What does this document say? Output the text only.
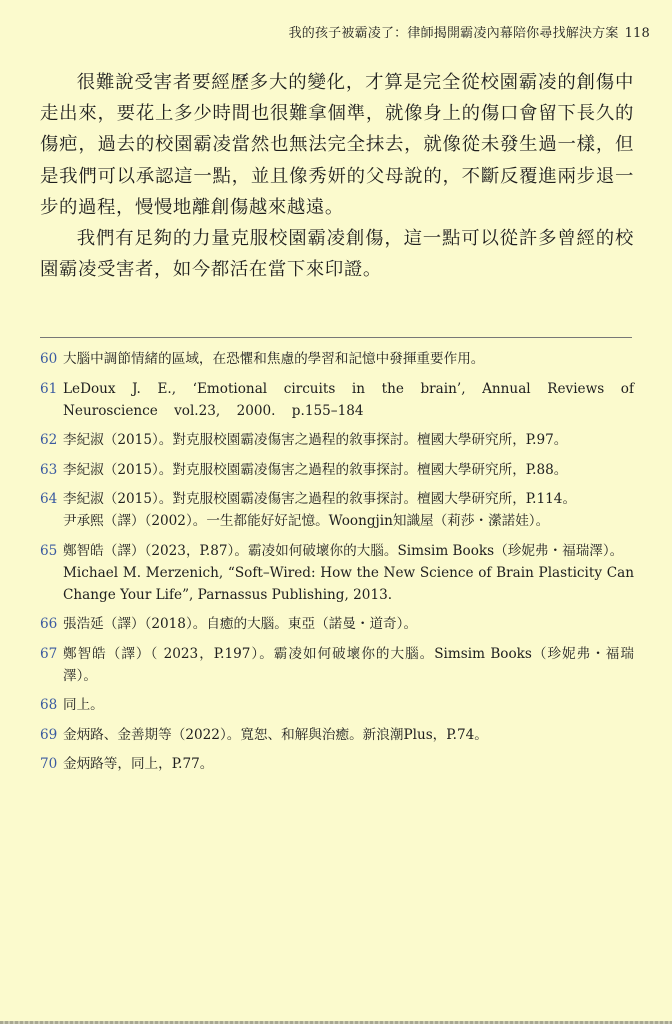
我的孩子被霸凌了：律師揭開霸凌內幕陪你尋找解決方案 118

很難說受害者要經歷多大的變化，才算是完全從校園霸凌的創傷中走出來，要花上多少時間也很難拿個準，就像身上的傷口會留下長久的傷疤，過去的校園霸凌當然也無法完全抹去，就像從未發生過一樣，但是我們可以承認這一點，並且像秀妍的父母說的，不斷反覆進兩步退一步的過程，慢慢地離創傷越來越遠。

我們有足夠的力量克服校園霸凌創傷，這一點可以從許多曾經的校園霸凌受害者，如今都活在當下來印證。

60 大腦中調節情緒的區域，在恐懼和焦慮的學習和記憶中發揮重要作用。
61 LeDoux J. E., ‘Emotional circuits in the brain’, Annual Reviews of Neuroscience vol.23, 2000. p.155–184
62 李紀淑（2015）。對克服校園霸凌傷害之過程的敘事探討。檀國大學研究所，P.97。
63 李紀淑（2015）。對克服校園霸凌傷害之過程的敘事探討。檀國大學研究所，P.88。
64 李紀淑（2015）。對克服校園霸凌傷害之過程的敘事探討。檀國大學研究所，P.114。
尹承熙（譯）（2002）。一生都能好好記憶。Woongjin知識屋（莉莎・瀠諾娃）。
65 鄭智皓（譯）（2023，P.87）。霸凌如何破壞你的大腦。Simsim Books（珍妮弗・福瑞澤）。
Michael M. Merzenich, “Soft–Wired: How the New Science of Brain Plasticity Can Change Your Life”, Parnassus Publishing, 2013.
66 張浩延（譯）（2018）。自癒的大腦。東亞（諾曼・道奇）。
67 鄭智皓（譯）（ 2023，P.197）。霸凌如何破壞你的大腦。Simsim Books（珍妮弗・福瑞澤）。
68 同上。
69 金炳路、金善期等（2022）。寬恕、和解與治癒。新浪潮Plus，P.74。
70 金炳路等，同上，P.77。
